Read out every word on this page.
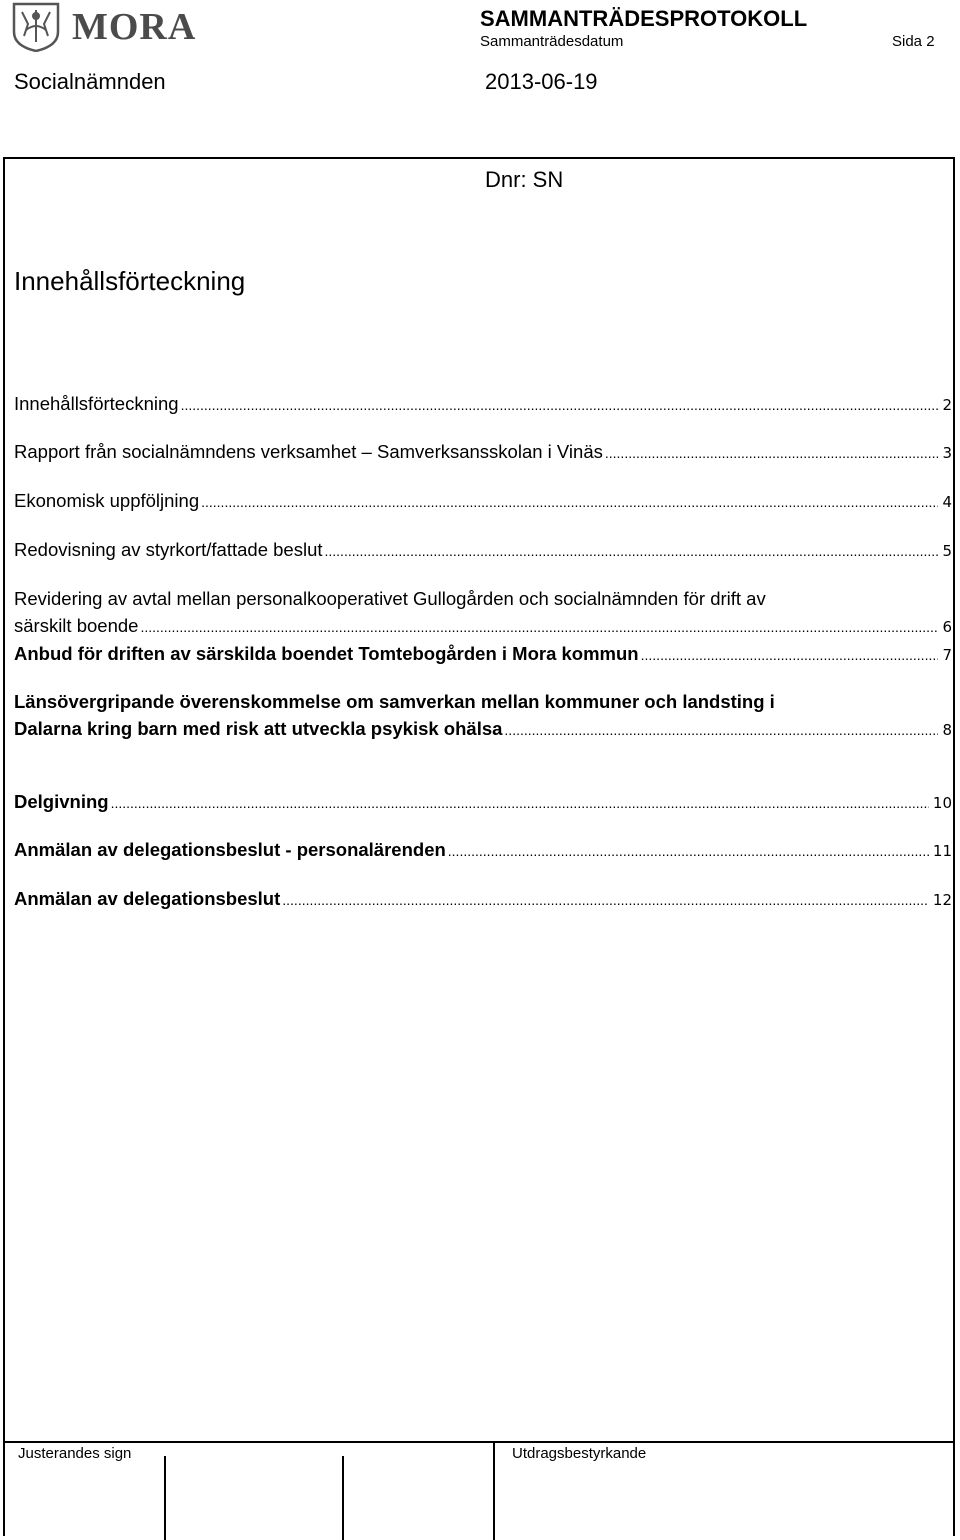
MORA	SAMMANTRÄDESPROTOKOLL
Sammanträdesdatum	Sida 2
Socialnämnden	2013-06-19
Dnr: SN
Innehållsförteckning
Innehållsförteckning .....	2
Rapport från socialnämndens verksamhet – Samverksansskolan i Vinäs .....	3
Ekonomisk uppföljning .....	4
Redovisning av styrkort/fattade beslut .....	5
Revidering av avtal mellan personalkooperativet Gullogården och socialnämnden för drift av
särskilt boende .....	6
Anbud för driften av särskilda boendet Tomtebogården i Mora kommun .....	7
Länsövergripande överenskommelse om samverkan mellan kommuner och landsting i
Dalarna kring barn med risk att utveckla psykisk ohälsa .....	8
Delgivning .....	10
Anmälan av delegationsbeslut - personalärenden .....	11
Anmälan av delegationsbeslut .....	12
Justerandes sign	Utdragsbestyrkande
